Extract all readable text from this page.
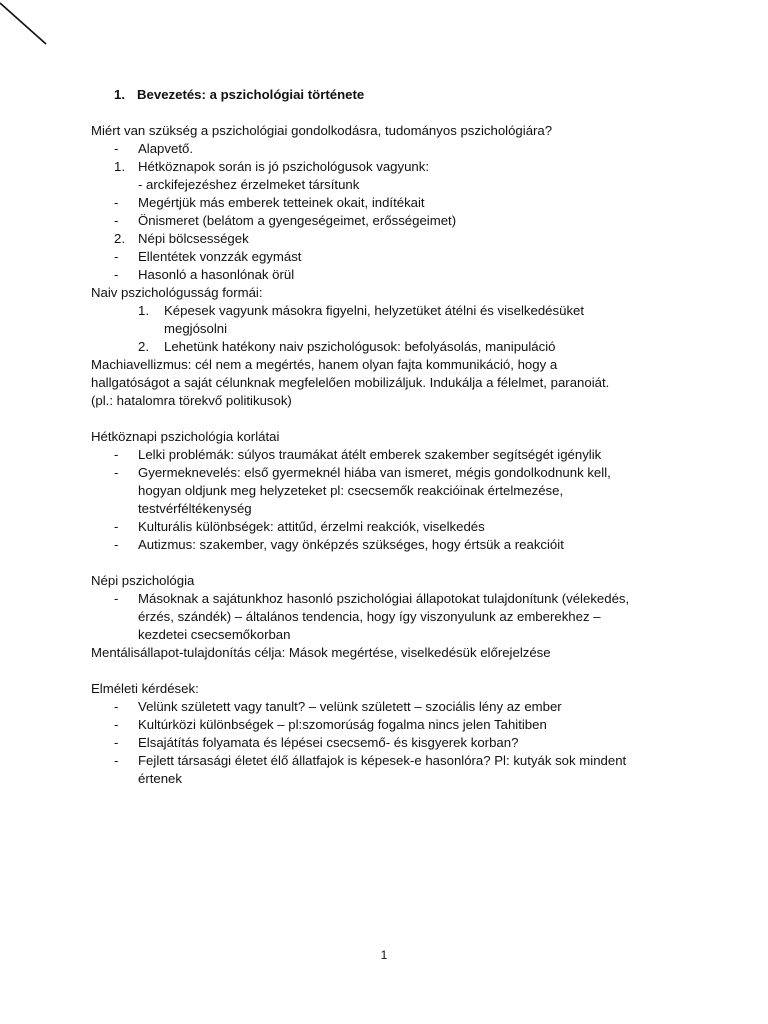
1. Bevezetés: a pszichológiai története
Miért van szükség a pszichológiai gondolkodásra, tudományos pszichológiára?
- Alapvető.
1. Hétköznapok során is jó pszichológusok vagyunk:
- arckifejezéshez érzelmeket társítunk
- Megértjük más emberek tetteinek okait, indítékait
- Önismeret (belátom a gyengeségeimet, erősségeimet)
2. Népi bölcsességek
- Ellentétek vonzzák egymást
- Hasonló a hasonlónak örül
Naiv pszichológusság formái:
1. Képesek vagyunk másokra figyelni, helyzetüket átélni és viselkedésüket
megjósolni
2. Lehetünk hatékony naiv pszichológusok: befolyásolás, manipuláció
Machiavellizmus: cél nem a megértés, hanem olyan fajta kommunikáció, hogy a
hallgatóságot a saját célunknak megfelelően mobilizáljuk. Indukálja a félelmet, paranoiát.
(pl.: hatalomra törekvő politikusok)
Hétköznapi pszichológia korlátai
- Lelki problémák: súlyos traumákat átélt emberek szakember segítségét igénylik
- Gyermeknevelés: első gyermeknél hiába van ismeret, mégis gondolkodnunk kell,
hogyan oldjunk meg helyzeteket pl: csecsemők reakcióinak értelmezése,
testvérféltékenység
- Kulturális különbségek: attitűd, érzelmi reakciók, viselkedés
- Autizmus: szakember, vagy önképzés szükséges, hogy értsük a reakcióit
Népi pszichológia
- Másoknak a sajátunkhoz hasonló pszichológiai állapotokat tulajdonítunk (vélekedés,
érzés, szándék) – általános tendencia, hogy így viszonyulunk az emberekhez –
kezdetei csecsemőkorban
Mentálisállapot-tulajdonítás célja: Mások megértése, viselkedésük előrejelzése
Elméleti kérdések:
- Velünk született vagy tanult? – velünk született – szociális lény az ember
- Kultúrközi különbségek – pl:szomorúság fogalma nincs jelen Tahitiben
- Elsajátítás folyamata és lépései csecsemő- és kisgyerek korban?
- Fejlett társasági életet élő állatfajok is képesek-e hasonlóra? Pl: kutyák sok mindent
értenek
1
